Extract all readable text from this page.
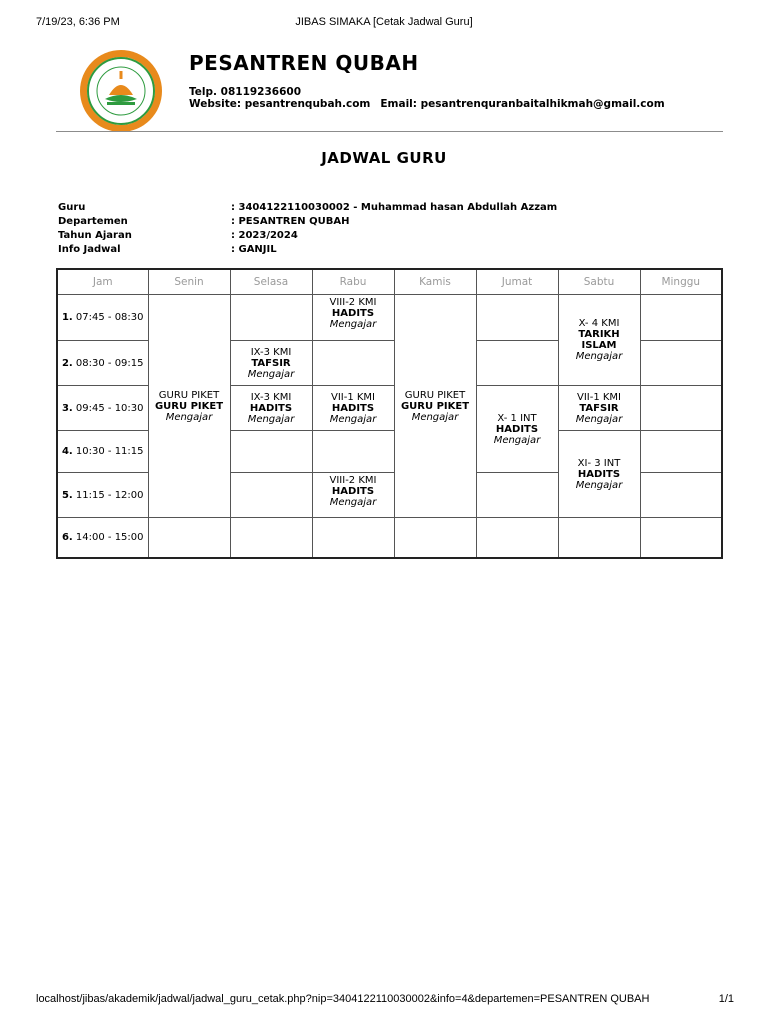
7/19/23, 6:36 PM	JIBAS SIMAKA [Cetak Jadwal Guru]
PESANTREN QUBAH
Telp. 08119236600
Website: pesantrenqubah.com Email: pesantrenquranbaitalhikmah@gmail.com
JADWAL GURU
Guru	: 3404122110030002 - Muhammad hasan Abdullah Azzam
Departemen	: PESANTREN QUBAH
Tahun Ajaran	: 2023/2024
Info Jadwal	: GANJIL
Jam	Senin	Selasa	Rabu	Kamis	Jumat	Sabtu	Minggu
1. 07:45 - 08:30	GURU PIKET
GURU PIKET
Mengajar		VIII-2 KMI
HADITS
Mengajar	GURU PIKET
GURU PIKET
Mengajar		X- 4 KMI
TARIKH ISLAM
Mengajar	

2. 08:30 - 09:15		IX-3 KMI
TAFSIR
Mengajar					

3. 09:45 - 10:30		IX-3 KMI
HADITS
Mengajar	VII-1 KMI
HADITS
Mengajar		X- 1 INT
HADITS
Mengajar	VII-1 KMI
TAFSIR
Mengajar	

4. 10:30 - 11:15						XI- 3 INT
HADITS
Mengajar	

5. 11:15 - 12:00			VIII-2 KMI
HADITS
Mengajar				

6. 14:00 - 15:00							
localhost/jibas/akademik/jadwal/jadwal_guru_cetak.php?nip=3404122110030002&info=4&departemen=PESANTREN QUBAH	1/1
